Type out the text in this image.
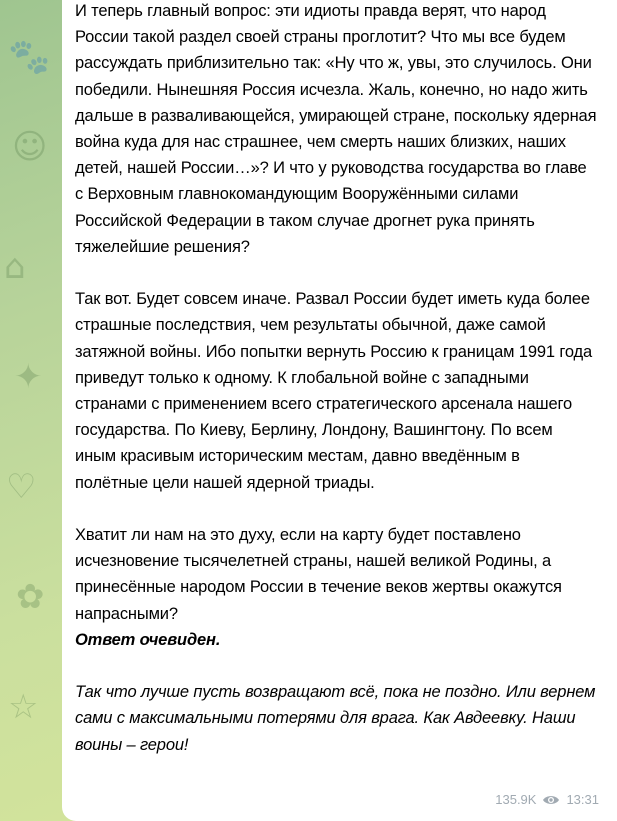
🐾
☺
⌂
✦
♡
✿
☆

И теперь главный вопрос: эти идиоты правда верят, что народ России такой раздел своей страны проглотит? Что мы все будем рассуждать приблизительно так: «Ну что ж, увы, это случилось. Они победили. Нынешняя Россия исчезла. Жаль, конечно, но надо жить дальше в разваливающейся, умирающей стране, поскольку ядерная война куда для нас страшнее, чем смерть наших близких, наших детей, нашей России…»? И что у руководства государства во главе с Верховным главнокомандующим Вооружёнными силами Российской Федерации в таком случае дрогнет рука принять тяжелейшие решения?

Так вот. Будет совсем иначе. Развал России будет иметь куда более страшные последствия, чем результаты обычной, даже самой затяжной войны. Ибо попытки вернуть Россию к границам 1991 года приведут только к одному. К глобальной войне с западными странами с применением всего стратегического арсенала нашего государства. По Киеву, Берлину, Лондону, Вашингтону. По всем иным красивым историческим местам, давно введённым в полётные цели нашей ядерной триады.

Хватит ли нам на это духу, если на карту будет поставлено исчезновение тысячелетней страны, нашей великой Родины, а принесённые народом России в течение веков жертвы окажутся напрасными?

Ответ очевиден.

Так что лучше пусть возвращают всё, пока не поздно. Или вернем сами с максимальными потерями для врага. Как Авдеевку. Наши воины – герои!

135.9K 13:31
